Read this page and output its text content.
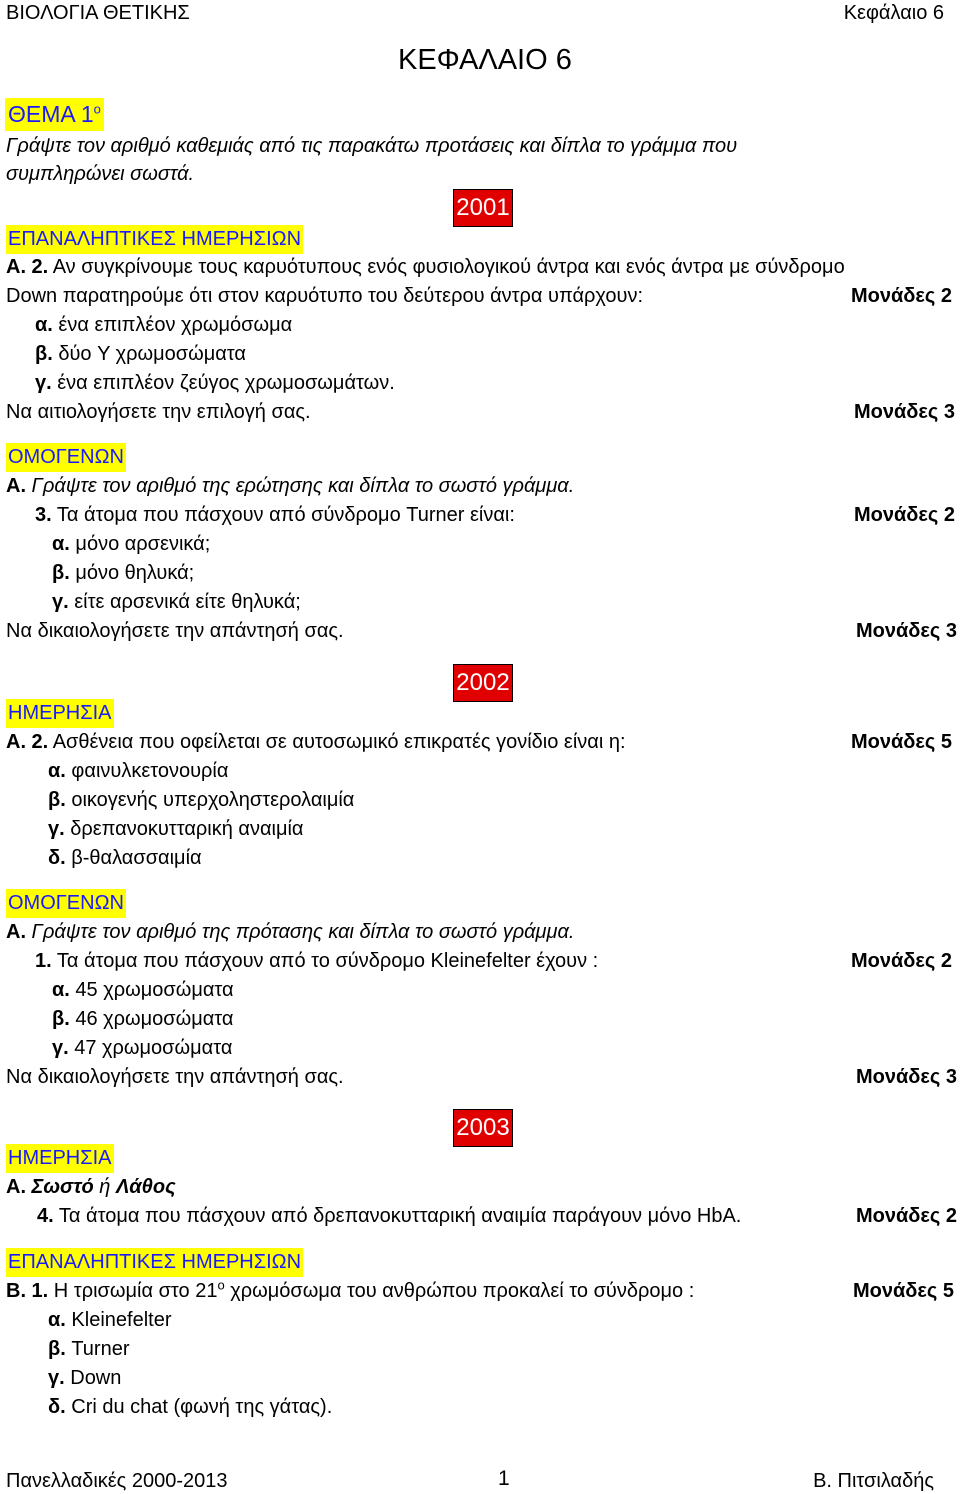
ΒΙΟΛΟΓΙΑ ΘΕΤΙΚΗΣ	Κεφάλαιο 6
ΚΕΦΑΛΑΙΟ 6
ΘΕΜΑ $1^o$
Γράψτε τον αριθμό καθεμιάς από τις παρακάτω προτάσεις και δίπλα το γράμμα που
συμπληρώνει σωστά.
2001
ΕΠΑΝΑΛΗΠΤΙΚΕΣ ΗΜΕΡΗΣΙΩΝ
Α. 2. Αν συγκρίνουμε τους καρυότυπους ενός φυσιολογικού άντρα και ενός άντρα με σύνδρομο
Down παρατηρούμε ότι στον καρυότυπο του δεύτερου άντρα υπάρχουν:	Μονάδες 2
α. ένα επιπλέον χρωμόσωμα
β. δύο Y χρωμοσώματα
γ. ένα επιπλέον ζεύγος χρωμοσωμάτων.
Να αιτιολογήσετε την επιλογή σας.	Μονάδες 3
ΟΜΟΓΕΝΩΝ
Α. Γράψτε τον αριθμό της ερώτησης και δίπλα το σωστό γράμμα.
3. Τα άτομα που πάσχουν από σύνδρομο Turner είναι:	Μονάδες 2
α. μόνο αρσενικά;
β. μόνο θηλυκά;
γ. είτε αρσενικά είτε θηλυκά;
Να δικαιολογήσετε την απάντησή σας.	Μονάδες 3
2002
ΗΜΕΡΗΣΙΑ
Α. 2. Ασθένεια που οφείλεται σε αυτοσωμικό επικρατές γονίδιο είναι η:	Μονάδες 5
α. φαινυλκετονουρία
β. οικογενής υπερχοληστερολαιμία
γ. δρεπανοκυτταρική αναιμία
δ. β-θαλασσαιμία
ΟΜΟΓΕΝΩΝ
Α. Γράψτε τον αριθμό της πρότασης και δίπλα το σωστό γράμμα.
1. Τα άτομα που πάσχουν από το σύνδρομο Kleinefelter έχουν :	Μονάδες 2
α. 45 χρωμοσώματα
β. 46 χρωμοσώματα
γ. 47 χρωμοσώματα
Να δικαιολογήσετε την απάντησή σας.	Μονάδες 3
2003
ΗΜΕΡΗΣΙΑ
Α. Σωστό ή Λάθος
4. Τα άτομα που πάσχουν από δρεπανοκυτταρική αναιμία παράγουν μόνο HbA.	Μονάδες 2
ΕΠΑΝΑΛΗΠΤΙΚΕΣ ΗΜΕΡΗΣΙΩΝ
Β. 1. Η τρισωμία στο $21^o$ χρωμόσωμα του ανθρώπου προκαλεί το σύνδρομο :	Μονάδες 5
α. Kleinefelter
β. Turner
γ. Down
δ. Cri du chat (φωνή της γάτας).
Πανελλαδικές 2000-2013	1	Β. Πιτσιλαδής
